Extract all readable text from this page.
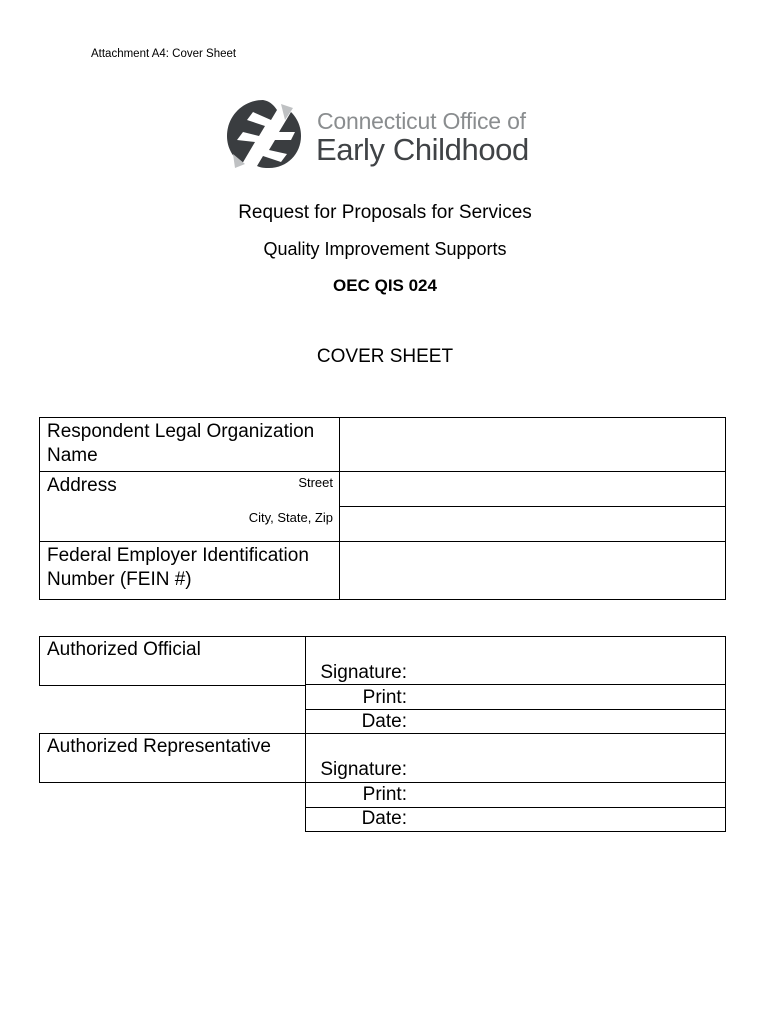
Attachment A4: Cover Sheet
Connecticut Office of
Early Childhood
Request for Proposals for Services
Quality Improvement Supports
OEC QIS 024
COVER SHEET
Respondent Legal Organization Name
Address	Street
City, State, Zip
Federal Employer Identification Number (FEIN #)
Authorized Official
Authorized Representative
Signature:
Print:
Date:
Signature:
Print:
Date:
